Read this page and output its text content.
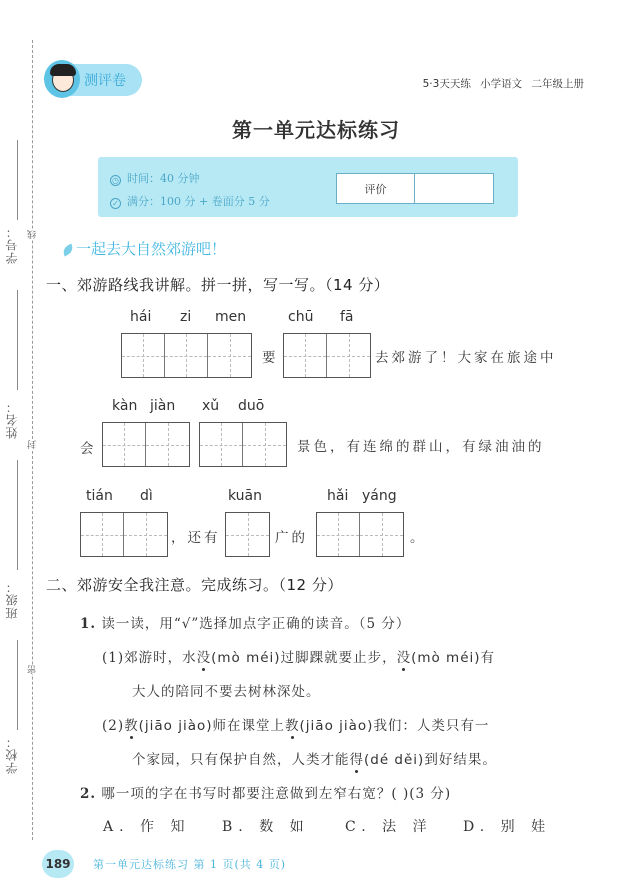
学号：
姓名：
班级：
学校：
线
封
密
测评卷	5·3天天练 小学语文 二年级上册
第一单元达标练习
◷ 时间：40 分钟
✓ 满分：100 分 + 卷面分 5 分
评价
一起去大自然郊游吧！
一、郊游路线我讲解。拼一拼，写一写。（14 分）
hái zi men
要
chū fā
去郊游了！大家在旅途中
kàn jiàn
会
xǔ duō
景色，有连绵的群山，有绿油油的
tián dì
，还有
kuān
广的
hǎi yáng
。
二、郊游安全我注意。完成练习。（12 分）
1. 读一读，用“√”选择加点字正确的读音。（5 分）
(1)郊游时，水没(mò méi)过脚踝就要止步，没(mò méi)有
大人的陪同不要去树林深处。
(2)教(jiāo jiào)师在课堂上教(jiāo jiào)我们：人类只有一
个家园，只有保护自然，人类才能得(dé děi)到好结果。
2. 哪一项的字在书写时都要注意做到左窄右宽？( )(3 分)
A. 作 知 B. 数 如	C. 法 洋 D. 别 娃
189	第一单元达标练习 第 1 页(共 4 页)
